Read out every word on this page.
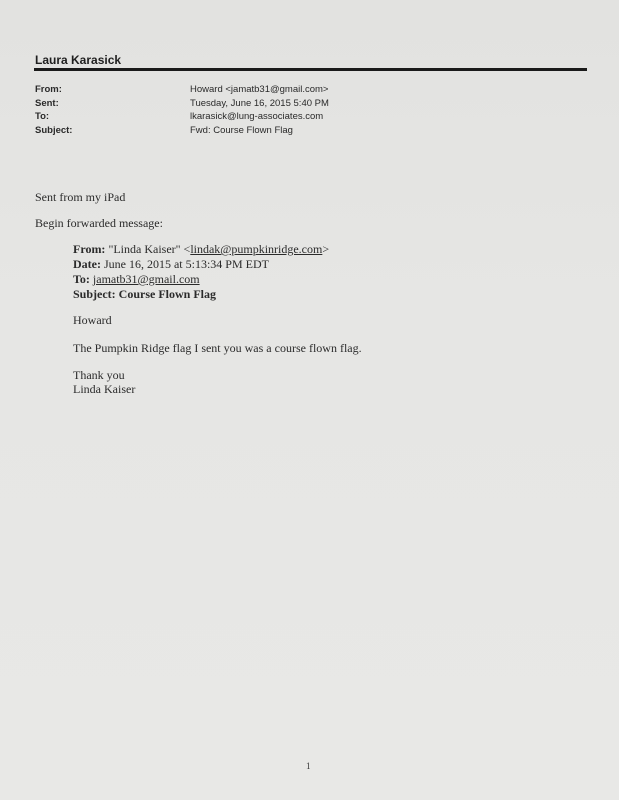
Laura Karasick
From:	Howard <jamatb31@gmail.com>
Sent:	Tuesday, June 16, 2015 5:40 PM
To:	lkarasick@lung-associates.com
Subject:	Fwd: Course Flown Flag
Sent from my iPad
Begin forwarded message:
From: "Linda Kaiser" <lindak@pumpkinridge.com>
Date: June 16, 2015 at 5:13:34 PM EDT
To: jamatb31@gmail.com
Subject: Course Flown Flag
Howard
The Pumpkin Ridge flag I sent you was a course flown flag.
Thank you
Linda Kaiser
1
